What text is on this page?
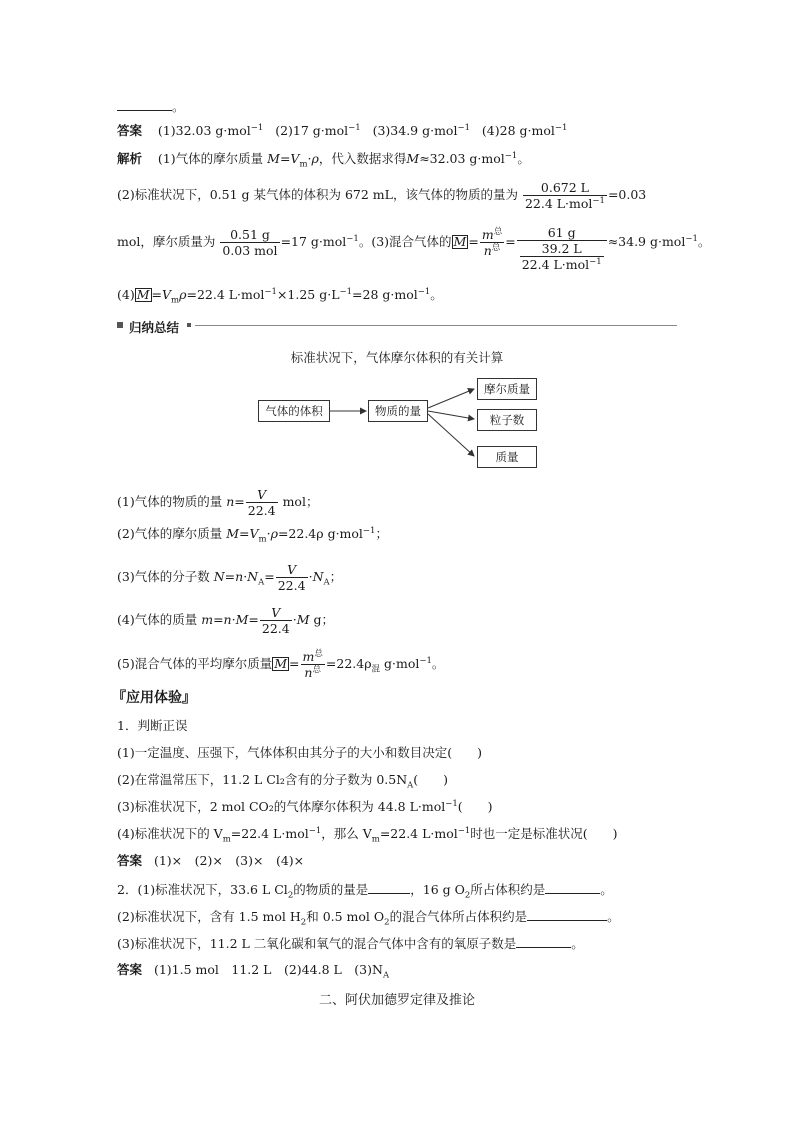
。
答案 (1)32.03 g·mol$^{-1}$ (2)17 g·mol$^{-1}$ (3)34.9 g·mol$^{-1}$ (4)28 g·mol$^{-1}$
解析 (1)气体的摩尔质量 $M=V_m\cdot\rho$，代入数据求得M≈32.03 g·mol$^{-1}$。
(2)标准状况下，0.51 g 某气体的体积为 672 mL，该气体的物质的量为 $\frac{0.672 L}{22.4 L\cdot mol^{-1}} =0.03$
mol，摩尔质量为 $\frac{0.51 g}{\text{0.03 mol}} =17$ g·mol$^{-1}$。(3)混合气体的 $M = \frac{m^总}{n^总} = \frac{61 g}{\frac{39.2 L}{22.4 L\cdot mol^{-1}}} \approx 34.9$ g·mol$^{-1}$。
(4) $M =V_m\rho=22.4$ L·mol$^{-1}$×1.25 $g\cdot L^{-1}=28$ g·mol$^{-1}$。
归纳总结
标准状况下，气体摩尔体积的有关计算
气体的体积	物质的量
摩尔质量
粒子数
质量
(1)气体的物质的量 $n= \frac{V}{22.4}$ mol；
(2)气体的摩尔质量 $M=V_m\cdot\rho=22.4\rho$ g·mol$^{-1}$；
(3)气体的分子数 $N=n\cdot N_A= \frac{V}{22.4} \cdot N_A$；
(4)气体的质量 $m=n\cdot M= \frac{V}{22.4} \cdot M$ g；
(5)混合气体的平均摩尔质量 $M = \frac{m^总}{n^总} =22.4\rho_混$ g·mol$^{-1}$。
『应用体验』
1．判断正误
(1)一定温度、压强下，气体体积由其分子的大小和数目决定(　　)
(2)在常温常压下，11.2 L Cl₂含有的分子数为 $0.5N_A$(　　)
(3)标准状况下，2 mol CO₂的气体摩尔体积为 44.8 L·mol$^{-1}$(　　)
(4)标准状况下的 $V_m=22.4$ L·mol$^{-1}$，那么 $V_m=22.4$ L·mol$^{-1}$时也一定是标准状况(　　)
答案 (1)×　(2)×　(3)×　(4)×
2．(1)标准状况下，33.6 L $Cl_2$的物质的量是	，16 g $O_2$所占体积约是	。
(2)标准状况下，含有 1.5 mol $H_2$和 0.5 mol $O_2$的混合气体所占体积约是	。
(3)标准状况下，11.2 L 二氧化碳和氧气的混合气体中含有的氧原子数是	。
答案 (1)1.5 mol　11.2 L　(2)44.8 L　$(3)N_A$
二、阿伏加德罗定律及推论
